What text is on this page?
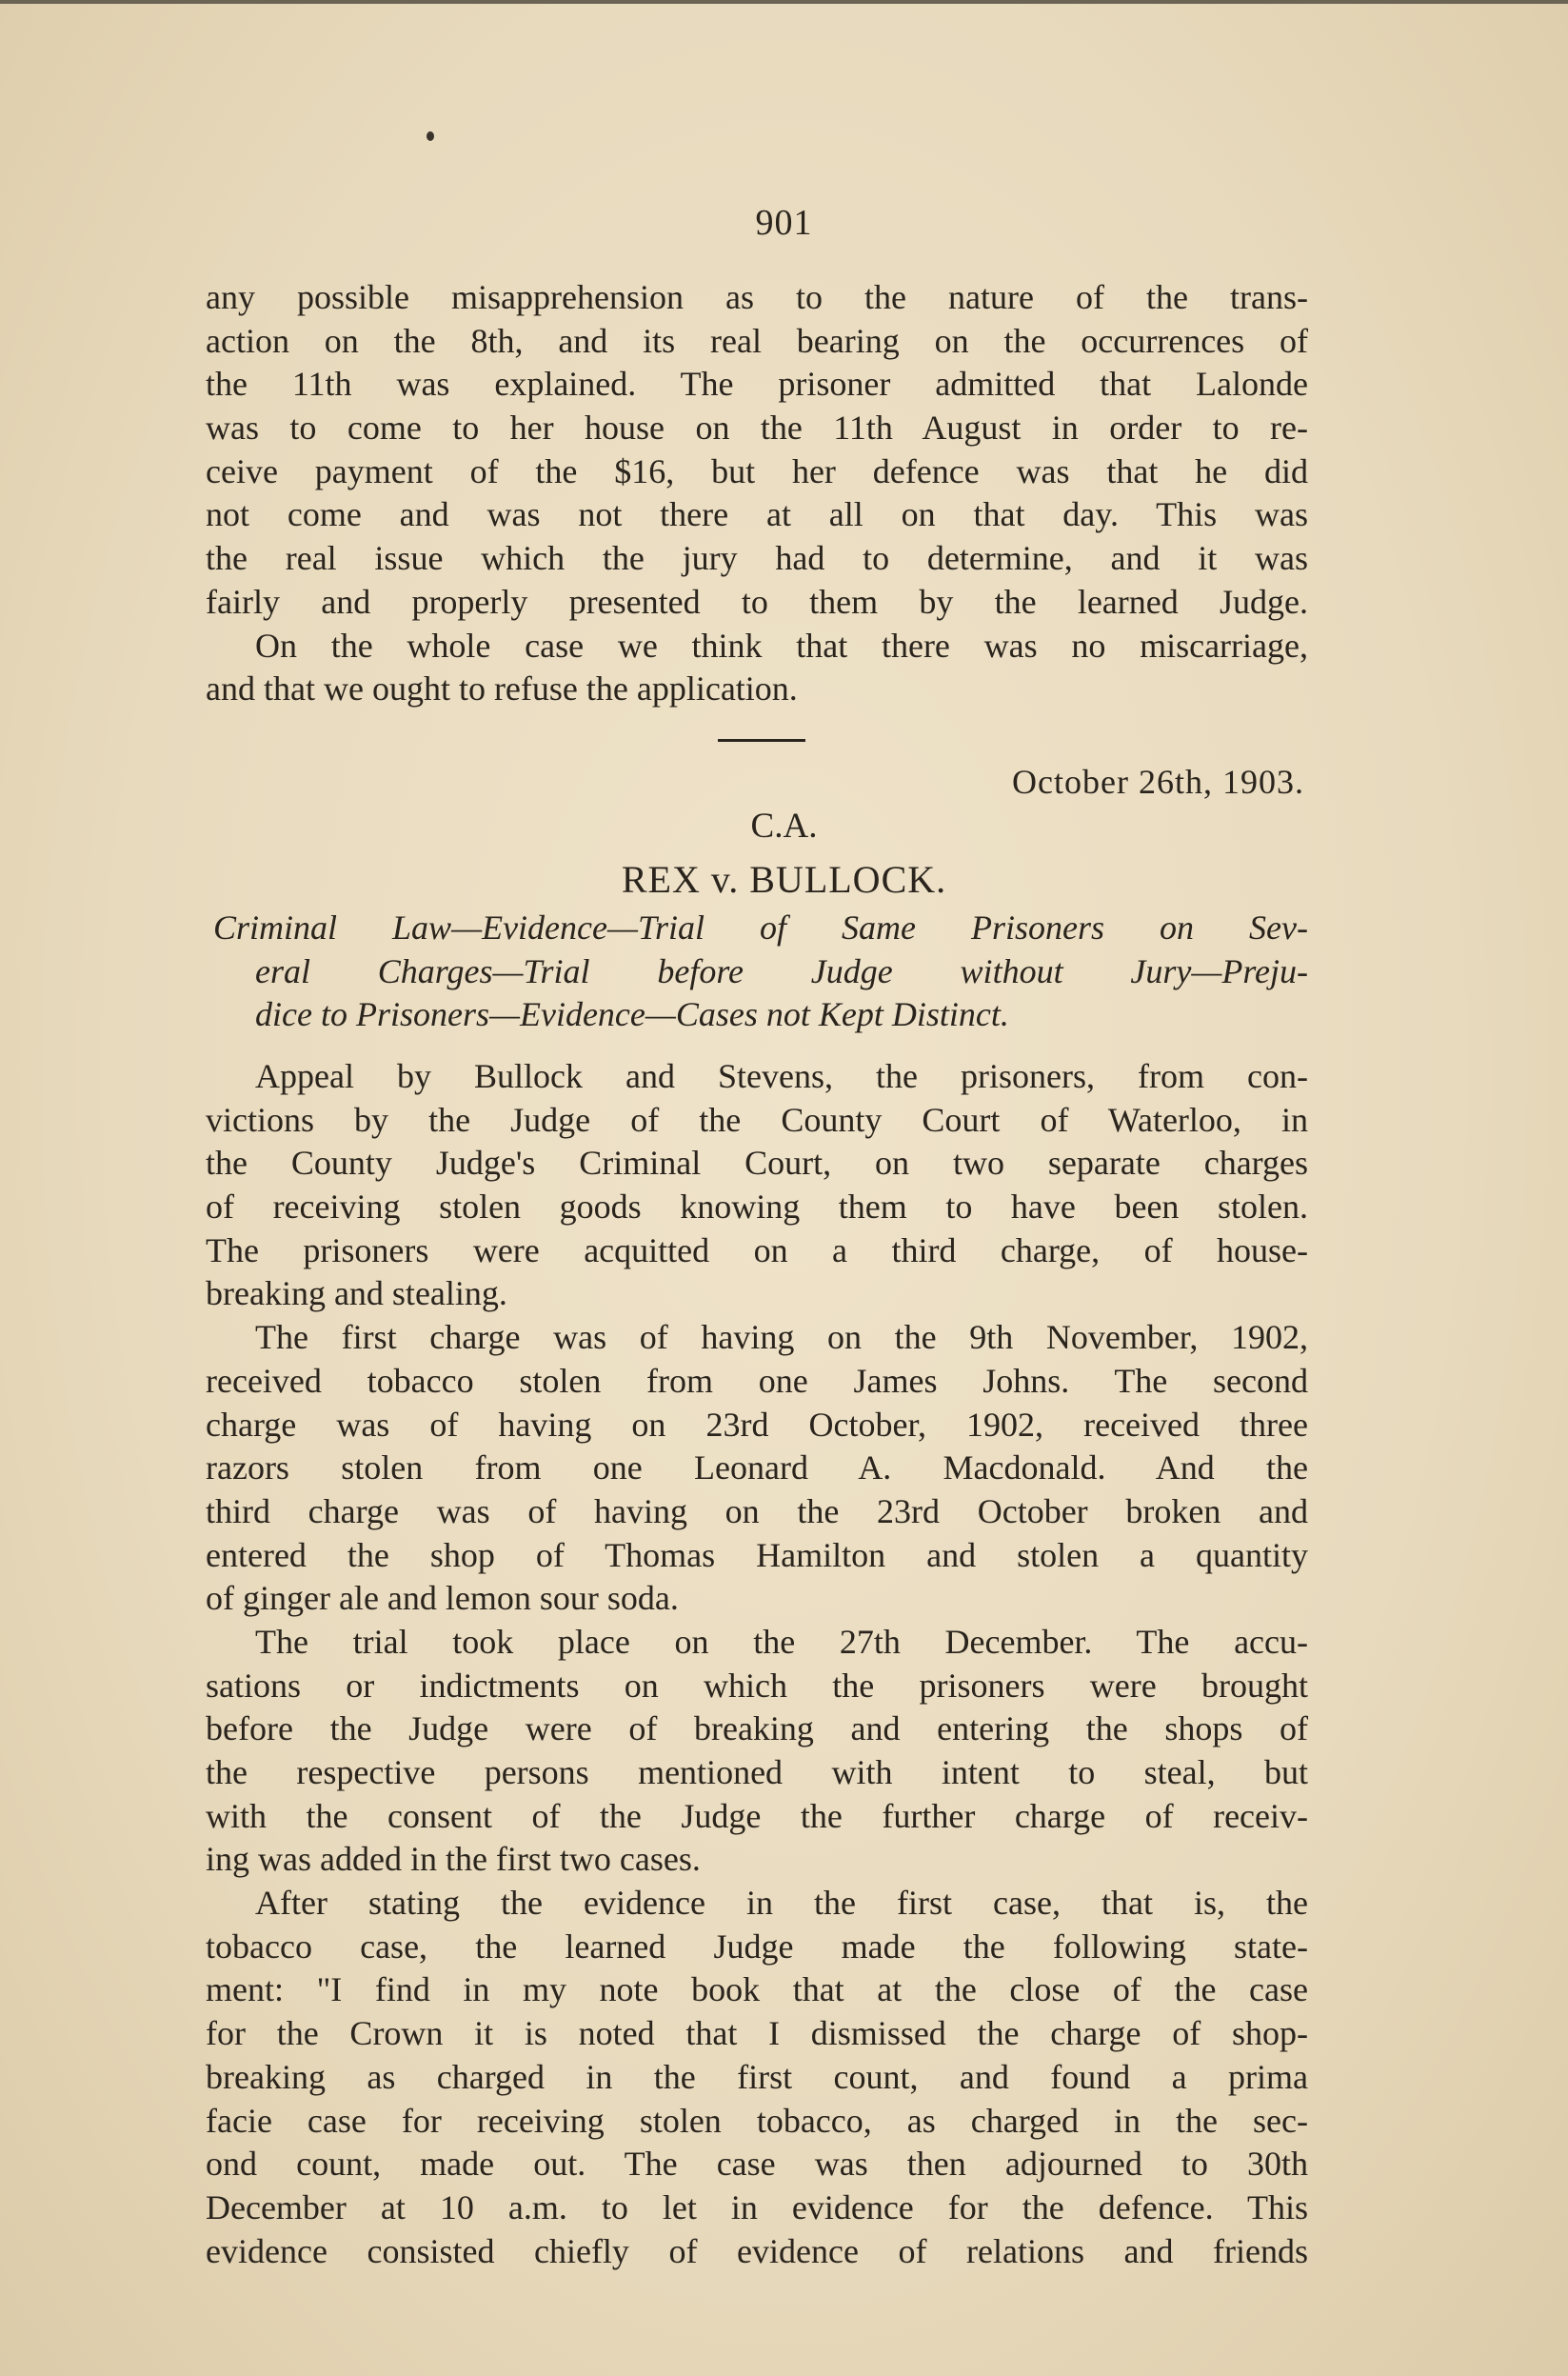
901
any possible misapprehension as to the nature of the trans-
action on the 8th, and its real bearing on the occurrences of
the 11th was explained. The prisoner admitted that Lalonde
was to come to her house on the 11th August in order to re-
ceive payment of the $16, but her defence was that he did
not come and was not there at all on that day. This was
the real issue which the jury had to determine, and it was
fairly and properly presented to them by the learned Judge.
On the whole case we think that there was no miscarriage,
and that we ought to refuse the application.
October 26th, 1903.
C.A.
REX v. BULLOCK.
Criminal Law—Evidence—Trial of Same Prisoners on Sev-
eral Charges—Trial before Judge without Jury—Preju-
dice to Prisoners—Evidence—Cases not Kept Distinct.
Appeal by Bullock and Stevens, the prisoners, from con-
victions by the Judge of the County Court of Waterloo, in
the County Judge's Criminal Court, on two separate charges
of receiving stolen goods knowing them to have been stolen.
The prisoners were acquitted on a third charge, of house-
breaking and stealing.
The first charge was of having on the 9th November, 1902,
received tobacco stolen from one James Johns. The second
charge was of having on 23rd October, 1902, received three
razors stolen from one Leonard A. Macdonald. And the
third charge was of having on the 23rd October broken and
entered the shop of Thomas Hamilton and stolen a quantity
of ginger ale and lemon sour soda.
The trial took place on the 27th December. The accu-
sations or indictments on which the prisoners were brought
before the Judge were of breaking and entering the shops of
the respective persons mentioned with intent to steal, but
with the consent of the Judge the further charge of receiv-
ing was added in the first two cases.
After stating the evidence in the first case, that is, the
tobacco case, the learned Judge made the following state-
ment: "I find in my note book that at the close of the case
for the Crown it is noted that I dismissed the charge of shop-
breaking as charged in the first count, and found a prima
facie case for receiving stolen tobacco, as charged in the sec-
ond count, made out. The case was then adjourned to 30th
December at 10 a.m. to let in evidence for the defence. This
evidence consisted chiefly of evidence of relations and friends
